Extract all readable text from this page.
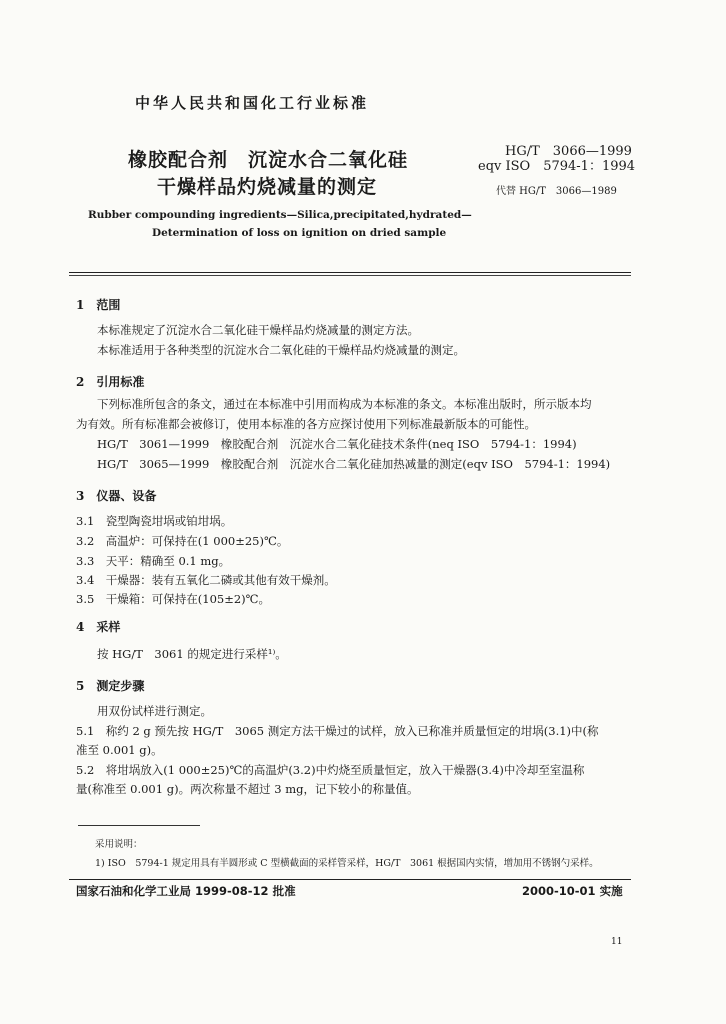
中华人民共和国化工行业标准
橡胶配合剂　沉淀水合二氧化硅
干燥样品灼烧减量的测定
HG/T　3066—1999
eqv ISO　5794-1：1994
代替 HG/T　3066—1989
Rubber compounding ingredients—Silica,precipitated,hydrated—
Determination of loss on ignition on dried sample
1　范围
本标准规定了沉淀水合二氧化硅干燥样品灼烧减量的测定方法。
本标准适用于各种类型的沉淀水合二氧化硅的干燥样品灼烧减量的测定。
2　引用标准
下列标准所包含的条文，通过在本标准中引用而构成为本标准的条文。本标准出版时，所示版本均
为有效。所有标准都会被修订，使用本标准的各方应探讨使用下列标准最新版本的可能性。
HG/T　3061—1999　橡胶配合剂　沉淀水合二氧化硅技术条件(neq ISO　5794-1：1994)
HG/T　3065—1999　橡胶配合剂　沉淀水合二氧化硅加热减量的测定(eqv ISO　5794-1：1994)
3　仪器、设备
3.1　瓷型陶瓷坩埚或铂坩埚。
3.2　高温炉：可保持在(1 000±25)℃。
3.3　天平：精确至 0.1 mg。
3.4　干燥器：装有五氧化二磷或其他有效干燥剂。
3.5　干燥箱：可保持在(105±2)℃。
4　采样
按 HG/T　3061 的规定进行采样¹⁾。
5　测定步骤
用双份试样进行测定。
5.1　称约 2 g 预先按 HG/T　3065 测定方法干燥过的试样，放入已称准并质量恒定的坩埚(3.1)中(称
准至 0.001 g)。
5.2　将坩埚放入(1 000±25)℃的高温炉(3.2)中灼烧至质量恒定，放入干燥器(3.4)中冷却至室温称
量(称准至 0.001 g)。两次称量不超过 3 mg，记下较小的称量值。
采用说明：
1) ISO　5794-1 规定用具有半圆形或 C 型横截面的采样管采样，HG/T　3061 根据国内实情，增加用不锈钢勺采样。
国家石油和化学工业局 1999-08-12 批准	2000-10-01 实施
11
